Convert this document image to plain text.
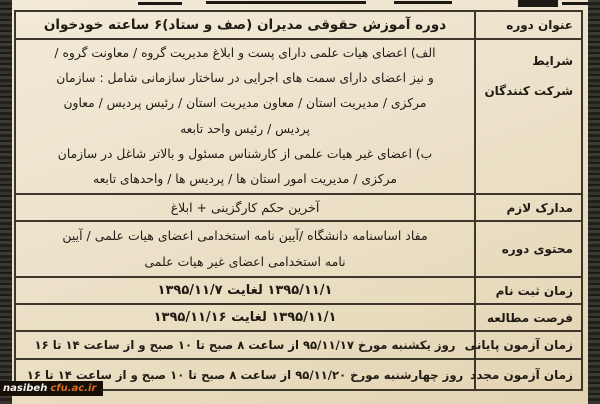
عنوان دوره
دوره آموزش حقوقی مدیران (صف و ستاد)۶ ساعته خودخوان
شرایط
شرکت کنندگان
الف) اعضای هیات علمی دارای پست و ابلاغ مدیریت گروه / معاونت گروه /
و نیز اعضای دارای سمت های اجرایی در ساختار سازمانی شامل : سازمان
مرکزی / مدیریت استان / معاون مدیریت استان / رئیس پردیس / معاون
پردیس / رئیس واحد تابعه
ب) اعضای غیر هیات علمی از کارشناس مسئول و بالاتر شاغل در سازمان
مرکزی / مدیریت امور استان ها / پردیس ها / واحدهای تابعه
مدارک لازم
آخرین حکم کارگزینی + ابلاغ
محتوی دوره
مفاد اساسنامه دانشگاه /آیین نامه استخدامی اعضای هیات علمی / آیین
نامه استخدامی اعضای غیر هیات علمی
زمان ثبت نام
۱۳۹۵/۱۱/۱ لغایت ۱۳۹۵/۱۱/۷
فرصت مطالعه
۱۳۹۵/۱۱/۱ لغایت ۱۳۹۵/۱۱/۱۶
زمان آزمون پایانی
روز یکشنبه مورخ ۹۵/۱۱/۱۷ از ساعت ۸ صبح تا ۱۰ صبح و از ساعت ۱۴ تا ۱۶
زمان آزمون مجدد
روز چهارشنبه مورخ ۹۵/۱۱/۲۰ از ساعت ۸ صبح تا ۱۰ صبح و از ساعت ۱۴ تا ۱۶
nasibeh cfu.ac.ir
